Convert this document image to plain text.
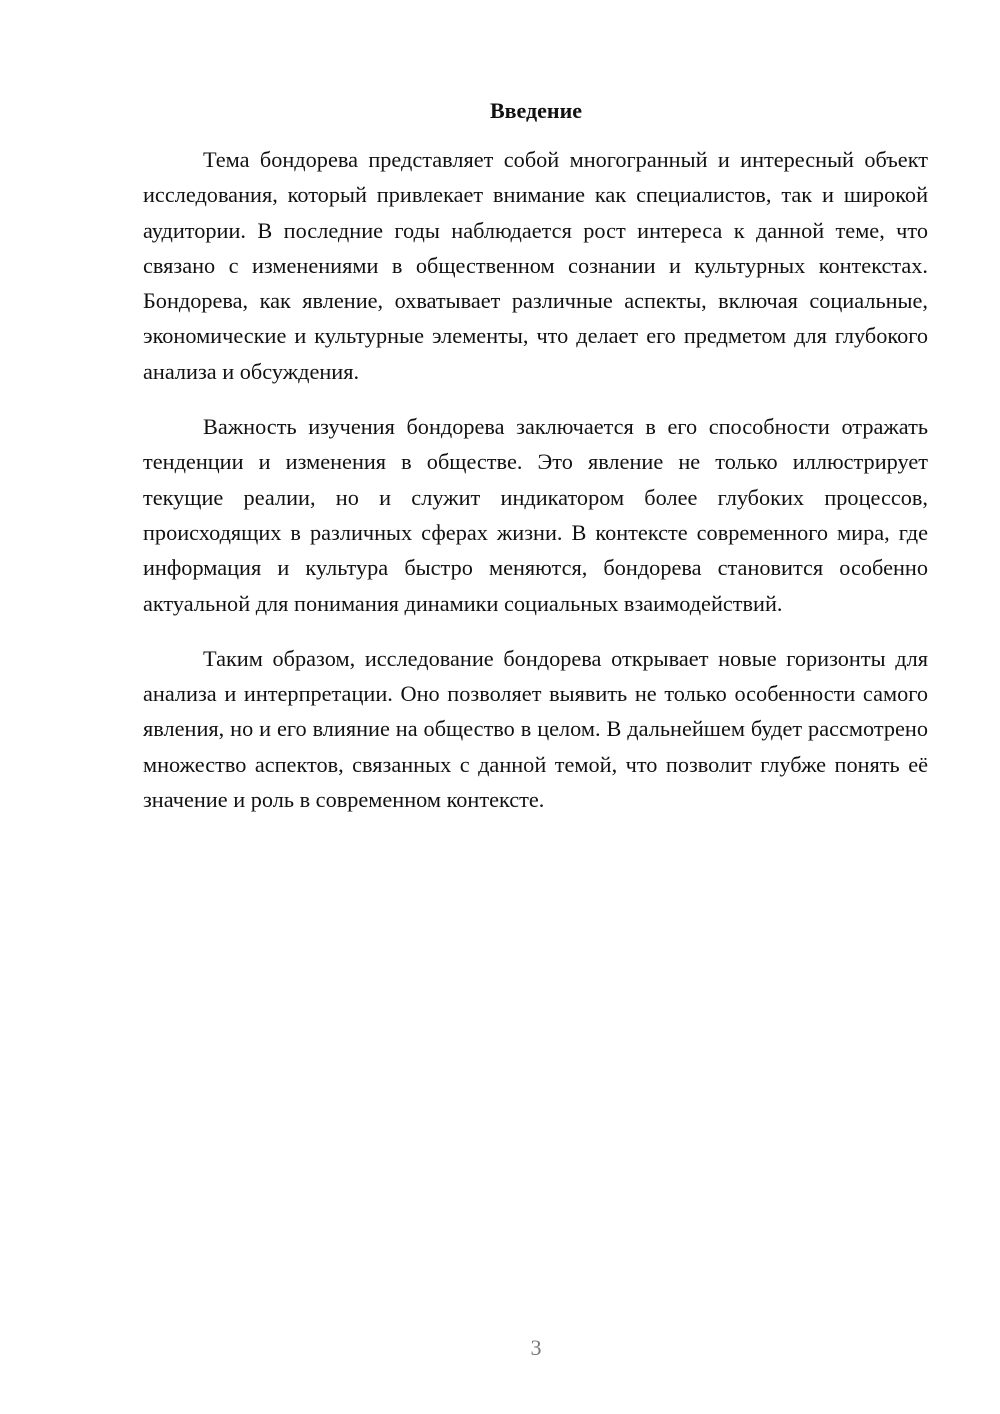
Введение

Тема бондорева представляет собой многогранный и интересный объект исследования, который привлекает внимание как специалистов, так и широкой аудитории. В последние годы наблюдается рост интереса к данной теме, что связано с изменениями в общественном сознании и культурных контекстах. Бондорева, как явление, охватывает различные аспекты, включая социальные, экономические и культурные элементы, что делает его предметом для глубокого анализа и обсуждения.

Важность изучения бондорева заключается в его способности отражать тенденции и изменения в обществе. Это явление не только иллюстрирует текущие реалии, но и служит индикатором более глубоких процессов, происходящих в различных сферах жизни. В контексте современного мира, где информация и культура быстро меняются, бондорева становится особенно актуальной для понимания динамики социальных взаимодействий.

Таким образом, исследование бондорева открывает новые горизонты для анализа и интерпретации. Оно позволяет выявить не только особенности самого явления, но и его влияние на общество в целом. В дальнейшем будет рассмотрено множество аспектов, связанных с данной темой, что позволит глубже понять её значение и роль в современном контексте.

3
